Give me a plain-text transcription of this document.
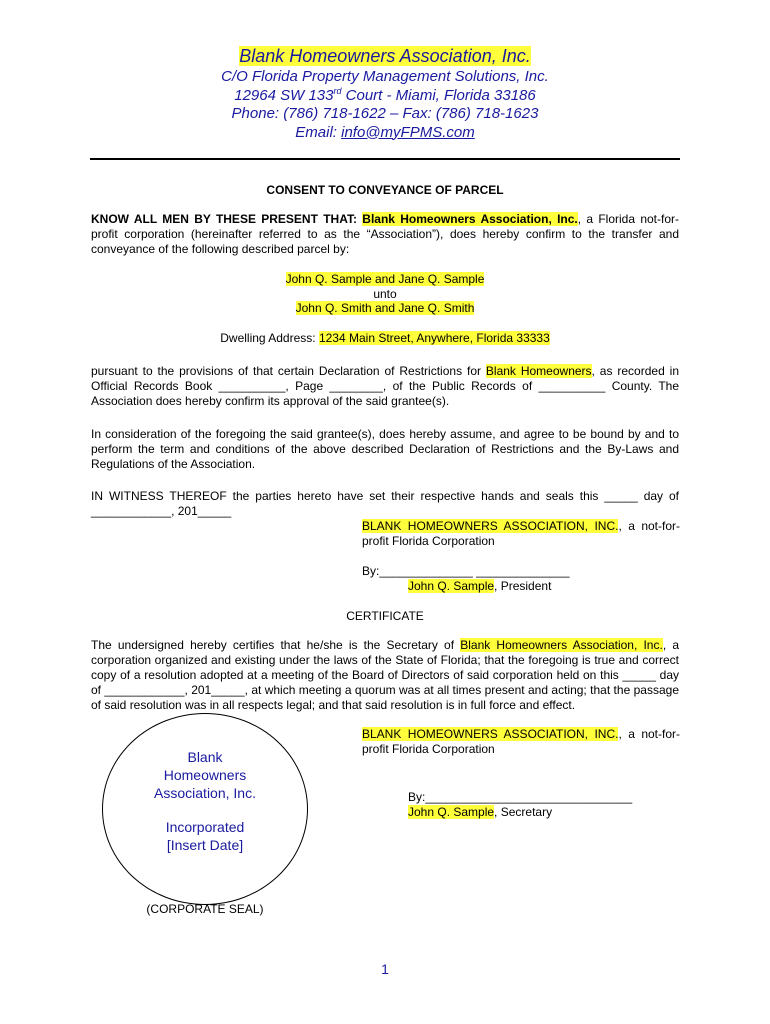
Blank Homeowners Association, Inc.
C/O Florida Property Management Solutions, Inc.
12964 SW 133rd Court - Miami, Florida 33186
Phone: (786) 718-1622 – Fax: (786) 718-1623
Email: info@myFPMS.com
CONSENT TO CONVEYANCE OF PARCEL
KNOW ALL MEN BY THESE PRESENT THAT: Blank Homeowners Association, Inc., a Florida not-for-profit corporation (hereinafter referred to as the “Association”), does hereby confirm to the transfer and conveyance of the following described parcel by:
John Q. Sample and Jane Q. Sample
unto
John Q. Smith and Jane Q. Smith
Dwelling Address: 1234 Main Street, Anywhere, Florida 33333
pursuant to the provisions of that certain Declaration of Restrictions for Blank Homeowners, as recorded in Official Records Book __________, Page ________, of the Public Records of __________ County. The Association does hereby confirm its approval of the said grantee(s).
In consideration of the foregoing the said grantee(s), does hereby assume, and agree to be bound by and to perform the term and conditions of the above described Declaration of Restrictions and the By-Laws and Regulations of the Association.
IN WITNESS THEREOF the parties hereto have set their respective hands and seals this _____ day of ____________, 201_____
BLANK HOMEOWNERS ASSOCIATION, INC., a not-for-profit Florida Corporation
By:______________ ______________
John Q. Sample, President
CERTIFICATE
The undersigned hereby certifies that he/she is the Secretary of Blank Homeowners Association, Inc., a corporation organized and existing under the laws of the State of Florida; that the foregoing is true and correct copy of a resolution adopted at a meeting of the Board of Directors of said corporation held on this _____ day of ____________, 201_____, at which meeting a quorum was at all times present and acting; that the passage of said resolution was in all respects legal; and that said resolution is in full force and effect.
BLANK HOMEOWNERS ASSOCIATION, INC., a not-for-profit Florida Corporation
By:_______________________________
John Q. Sample, Secretary
Blank
Homeowners
Association, Inc.
Incorporated
[Insert Date]
(CORPORATE SEAL)
1
